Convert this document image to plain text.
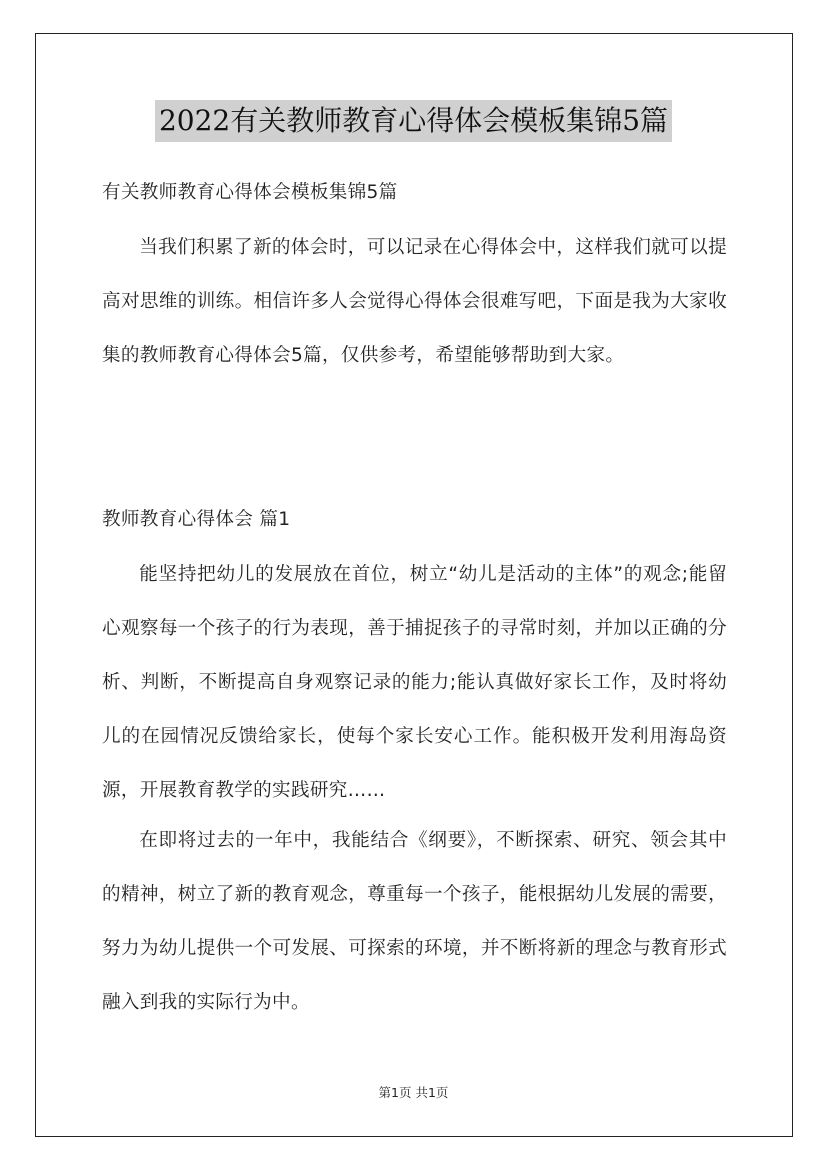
2022有关教师教育心得体会模板集锦5篇
有关教师教育心得体会模板集锦5篇

当我们积累了新的体会时，可以记录在心得体会中，这样我们就可以提高对思维的训练。相信许多人会觉得心得体会很难写吧，下面是我为大家收集的教师教育心得体会5篇，仅供参考，希望能够帮助到大家。

教师教育心得体会 篇1

能坚持把幼儿的发展放在首位，树立“幼儿是活动的主体”的观念;能留心观察每一个孩子的行为表现，善于捕捉孩子的寻常时刻，并加以正确的分析、判断，不断提高自身观察记录的能力;能认真做好家长工作，及时将幼儿的在园情况反馈给家长，使每个家长安心工作。能积极开发利用海岛资源，开展教育教学的实践研究……

在即将过去的一年中，我能结合《纲要》，不断探索、研究、领会其中的精神，树立了新的教育观念，尊重每一个孩子，能根据幼儿发展的需要，努力为幼儿提供一个可发展、可探索的环境，并不断将新的理念与教育形式融入到我的实际行为中。

第1页 共1页
